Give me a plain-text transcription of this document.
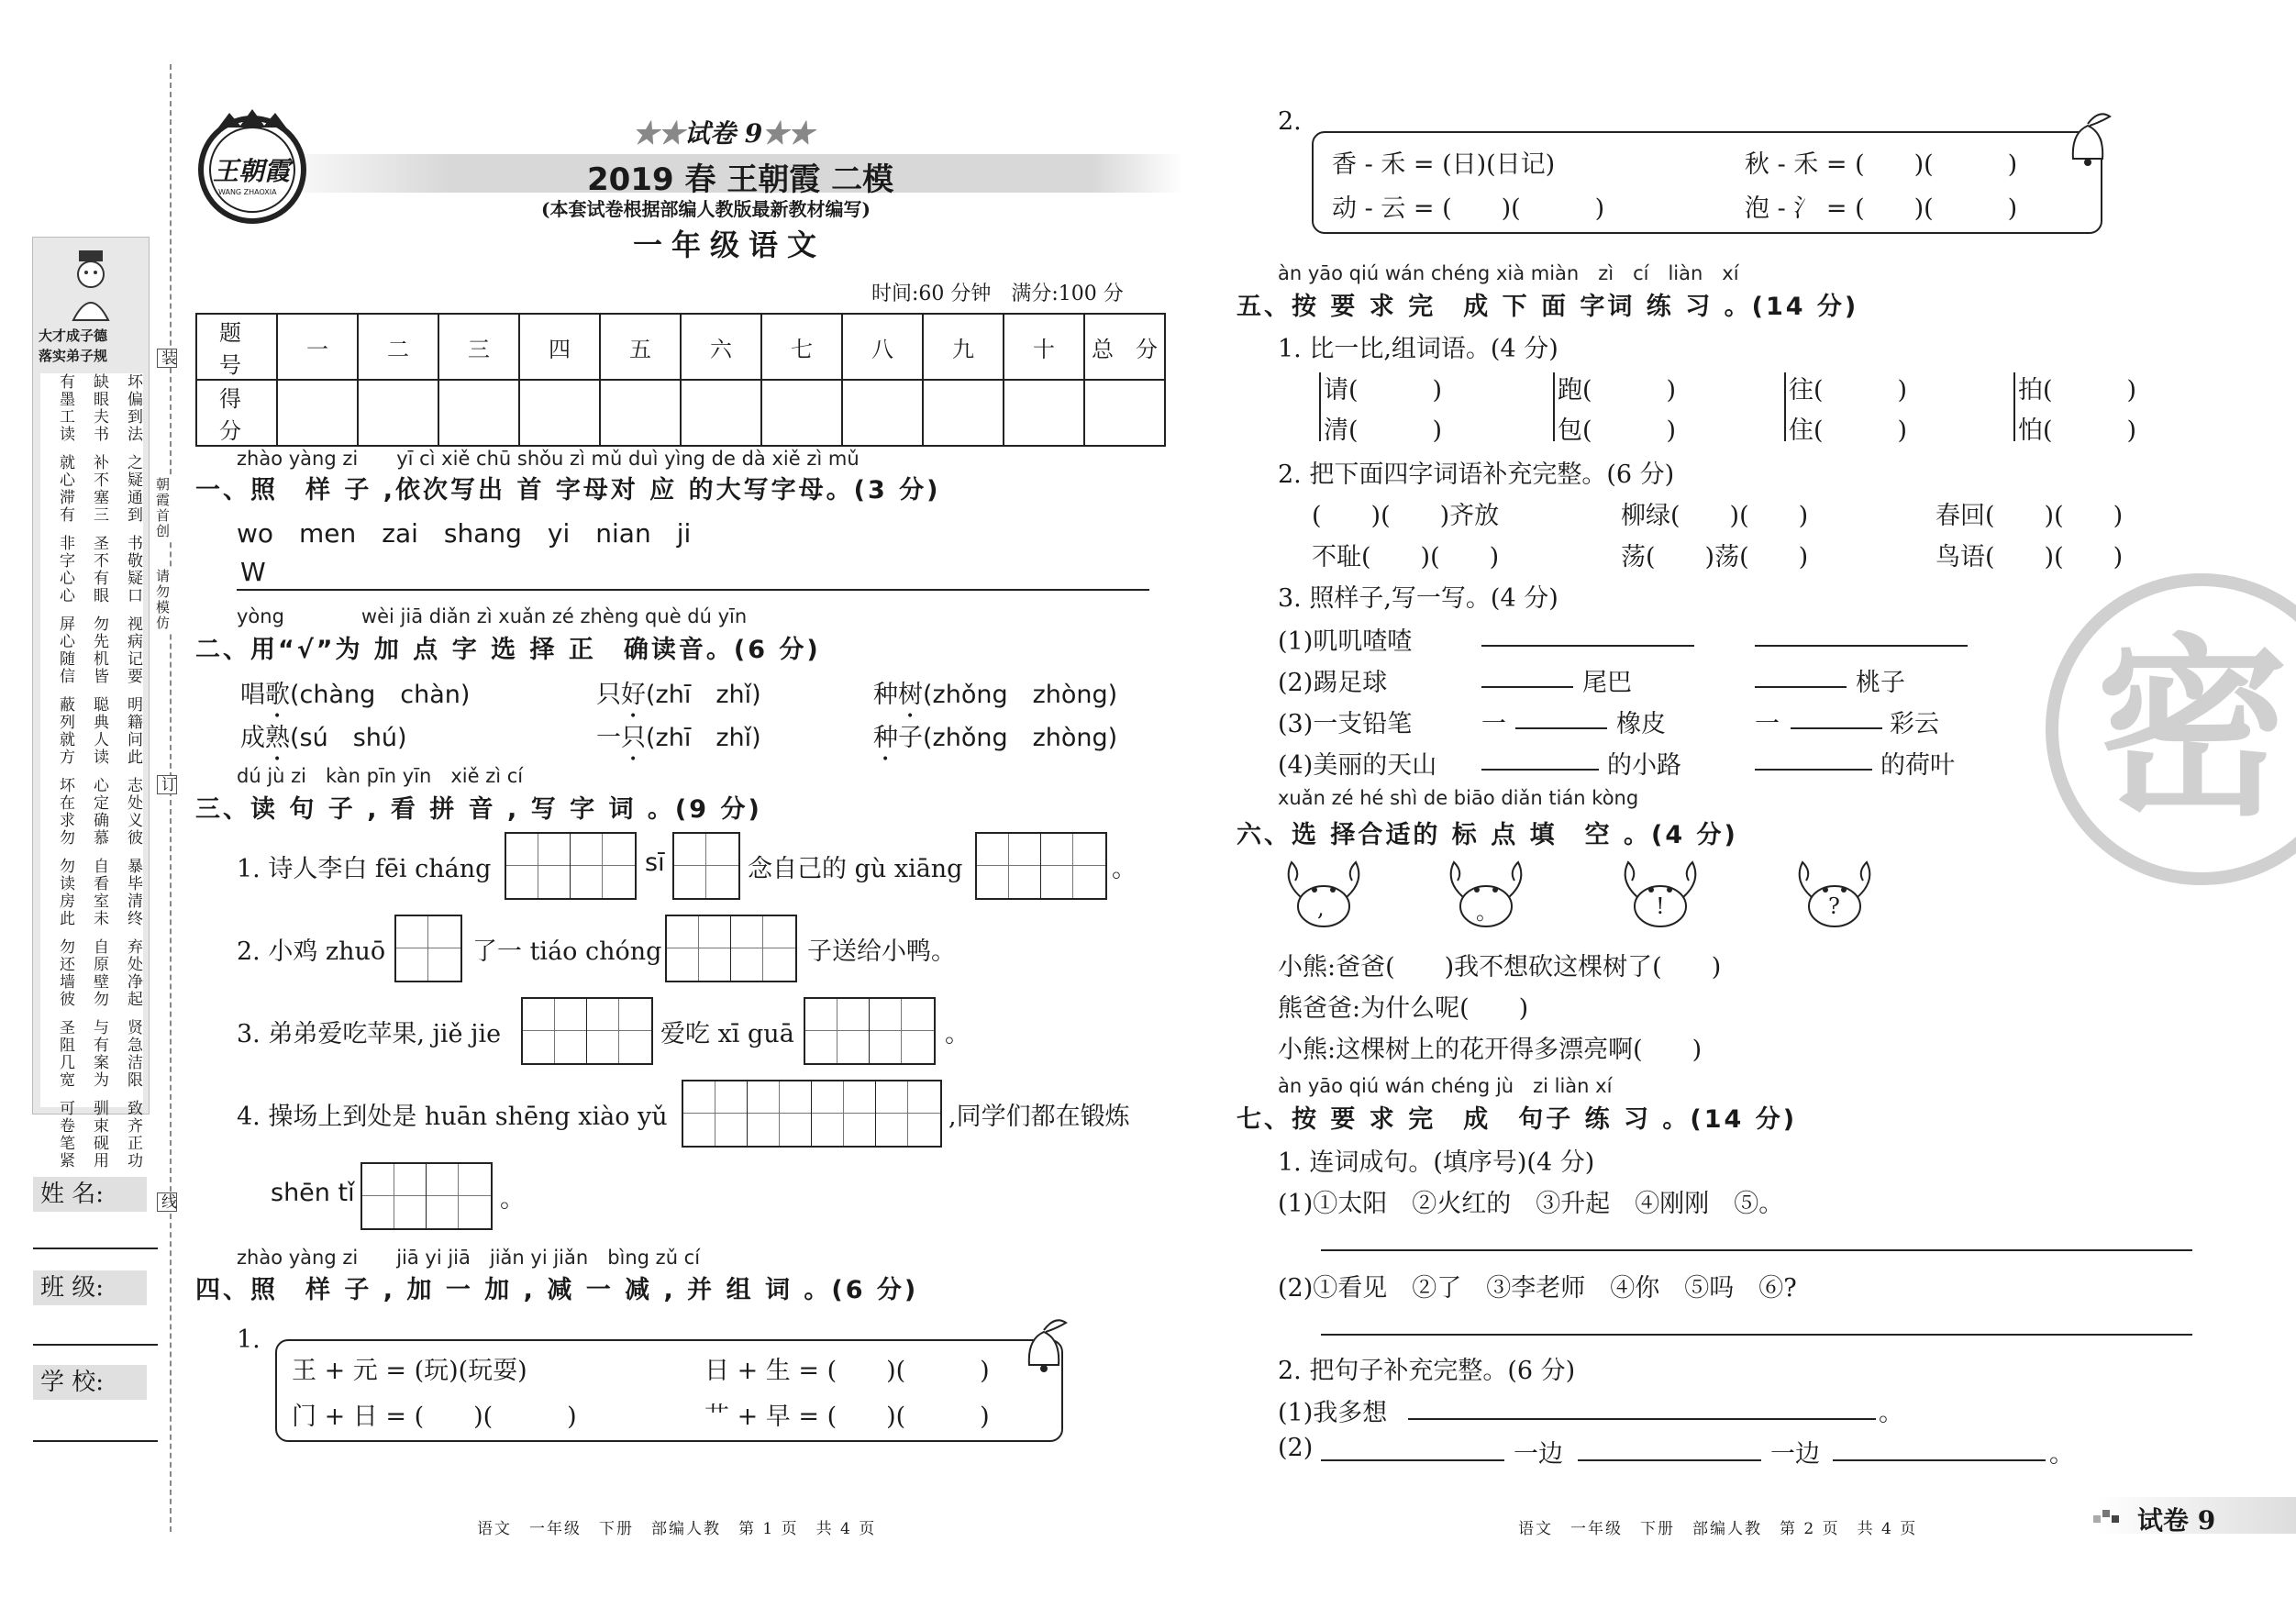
大才成子德
落实弟子规
有墨工读	缺眼夫书	坏偏到法
就心滞有	补不塞三	之疑通到
非字心心	圣不有眼	书敬疑口
屏心随信	勿先机皆	视病记要
蔽列就方	聪典人读	明籍问此
坏在求勿	心定确慕	志处义彼
勿读房此	自看室未	暴毕清终
勿还墙彼	自原壁勿	弃处净起
圣阻几宽	与有案为	贤急洁限
可卷笔紧	驯束砚用	致齐正功
装
朝霞首创
请勿模仿
订
线
姓 名:
班 级:
学 校:
王朝霞
WANG ZHAOXIA
★★试卷 9★★
2019 春 王朝霞 二模
(本套试卷根据部编人教版最新教材编写)
一年级语文
时间:60 分钟　满分:100 分
题　号	一	二	三	四	五	六	七	八	九	十	总　分
得　分											
zhào yàng zi　　yī cì xiě chū shǒu zì mǔ duì yìng de dà xiě zì mǔ
一、照　样 子 ,依次写出 首 字母对 应 的大写字母。(3 分)
wo　men　zai　shang　yi　nian　ji
W
yòng　　　　wèi jiā diǎn zì xuǎn zé zhèng què dú yīn
二、用“√”为 加 点 字 选 择 正　确读音。(6 分)
唱歌(chàng　chàn)	只好(zhī　zhǐ)	种树(zhǒng　zhòng)
成熟(sú　shú)	一只(zhī　zhǐ)	种子(zhǒng　zhòng)
dú jù zi　kàn pīn yīn　xiě zì cí
三、读 句 子 , 看 拼 音 , 写 字 词 。(9 分)
1. 诗人李白 fēi cháng	sī	念自己的 gù xiāng	。
2. 小鸡 zhuō	了一 tiáo chóng	子送给小鸭。
3. 弟弟爱吃苹果, jiě jie	爱吃 xī guā	。
4. 操场上到处是 huān shēng xiào yǔ	,同学们都在锻炼
shēn tǐ	。
zhào yàng zi　　jiā yi jiā　jiǎn yi jiǎn　bìng zǔ cí
四、照　样 子 , 加 一 加 , 减 一 减 , 并 组 词 。(6 分)
1.
王 + 元 = (玩)(玩耍)	日 + 生 = (　　)(　　　)
门 + 日 = (　　)(　　　)	艹 + 早 = (　　)(　　　)
2.
香 - 禾 = (日)(日记)	秋 - 禾 = (　　)(　　　)
动 - 云 = (　　)(　　　)	泡 - 氵 = (　　)(　　　)
àn yāo qiú wán chéng xià miàn　zì　cí　liàn　xí
五、按 要 求 完　成 下 面 字词 练 习 。(14 分)
1. 比一比,组词语。(4 分)
请(　　　)	跑(　　　)	往(　　　)	拍(　　　)
清(　　　)	包(　　　)	住(　　　)	怕(　　　)
2. 把下面四字词语补充完整。(6 分)
(　　)(　　)齐放	柳绿(　　)(　　)	春回(　　)(　　)
不耻(　　)(　　)	荡(　　)荡(　　)	鸟语(　　)(　　)
3. 照样子,写一写。(4 分)
(1)叽叽喳喳
(2)踢足球	尾巴	桃子
(3)一支铅笔	一	橡皮	一	彩云
(4)美丽的天山	的小路	的荷叶
xuǎn zé hé shì de biāo diǎn tián kòng
六、选 择合适的 标 点 填　空 。(4 分)
,	。	!	?
小熊:爸爸(　　)我不想砍这棵树了(　　)
熊爸爸:为什么呢(　　)
小熊:这棵树上的花开得多漂亮啊(　　)
àn yāo qiú wán chéng jù　zi liàn xí
七、按 要 求 完　成　句子 练 习 。(14 分)
1. 连词成句。(填序号)(4 分)
(1)①太阳　②火红的　③升起　④刚刚　⑤。
(2)①看见　②了　③李老师　④你　⑤吗　⑥?
2. 把句子补充完整。(6 分)
(1)我多想	。
(2)	一边	一边	。
密
语文　一年级　下册　部编人教　第 1 页　共 4 页	语文　一年级　下册　部编人教　第 2 页　共 4 页	试卷 9
